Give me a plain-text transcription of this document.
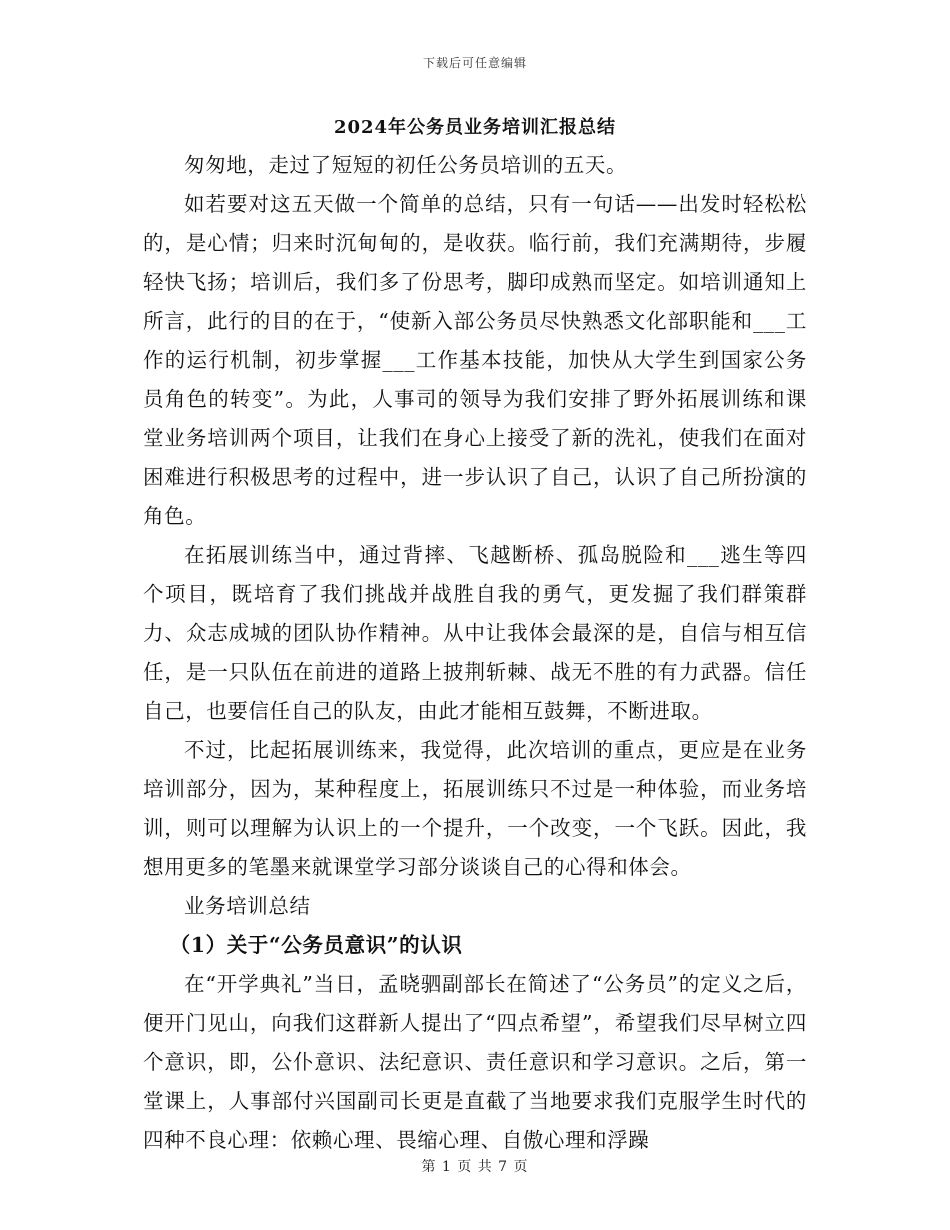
下载后可任意编辑
2024年公务员业务培训汇报总结

匆匆地，走过了短短的初任公务员培训的五天。

如若要对这五天做一个简单的总结，只有一句话——出发时轻松松的，是心情；归来时沉甸甸的，是收获。临行前，我们充满期待，步履轻快飞扬；培训后，我们多了份思考，脚印成熟而坚定。如培训通知上所言，此行的目的在于，“使新入部公务员尽快熟悉文化部职能和___工作的运行机制，初步掌握___工作基本技能，加快从大学生到国家公务员角色的转变”。为此，人事司的领导为我们安排了野外拓展训练和课堂业务培训两个项目，让我们在身心上接受了新的洗礼，使我们在面对困难进行积极思考的过程中，进一步认识了自己，认识了自己所扮演的角色。

在拓展训练当中，通过背摔、飞越断桥、孤岛脱险和___逃生等四个项目，既培育了我们挑战并战胜自我的勇气，更发掘了我们群策群力、众志成城的团队协作精神。从中让我体会最深的是，自信与相互信任，是一只队伍在前进的道路上披荆斩棘、战无不胜的有力武器。信任自己，也要信任自己的队友，由此才能相互鼓舞，不断进取。

不过，比起拓展训练来，我觉得，此次培训的重点，更应是在业务培训部分，因为，某种程度上，拓展训练只不过是一种体验，而业务培训，则可以理解为认识上的一个提升，一个改变，一个飞跃。因此，我想用更多的笔墨来就课堂学习部分谈谈自己的心得和体会。

业务培训总结

（1）关于“公务员意识”的认识

在“开学典礼”当日，孟晓驷副部长在简述了“公务员”的定义之后，便开门见山，向我们这群新人提出了“四点希望”，希望我们尽早树立四个意识，即，公仆意识、法纪意识、责任意识和学习意识。之后，第一堂课上，人事部付兴国副司长更是直截了当地要求我们克服学生时代的四种不良心理：依赖心理、畏缩心理、自傲心理和浮躁

第 1 页 共 7 页
